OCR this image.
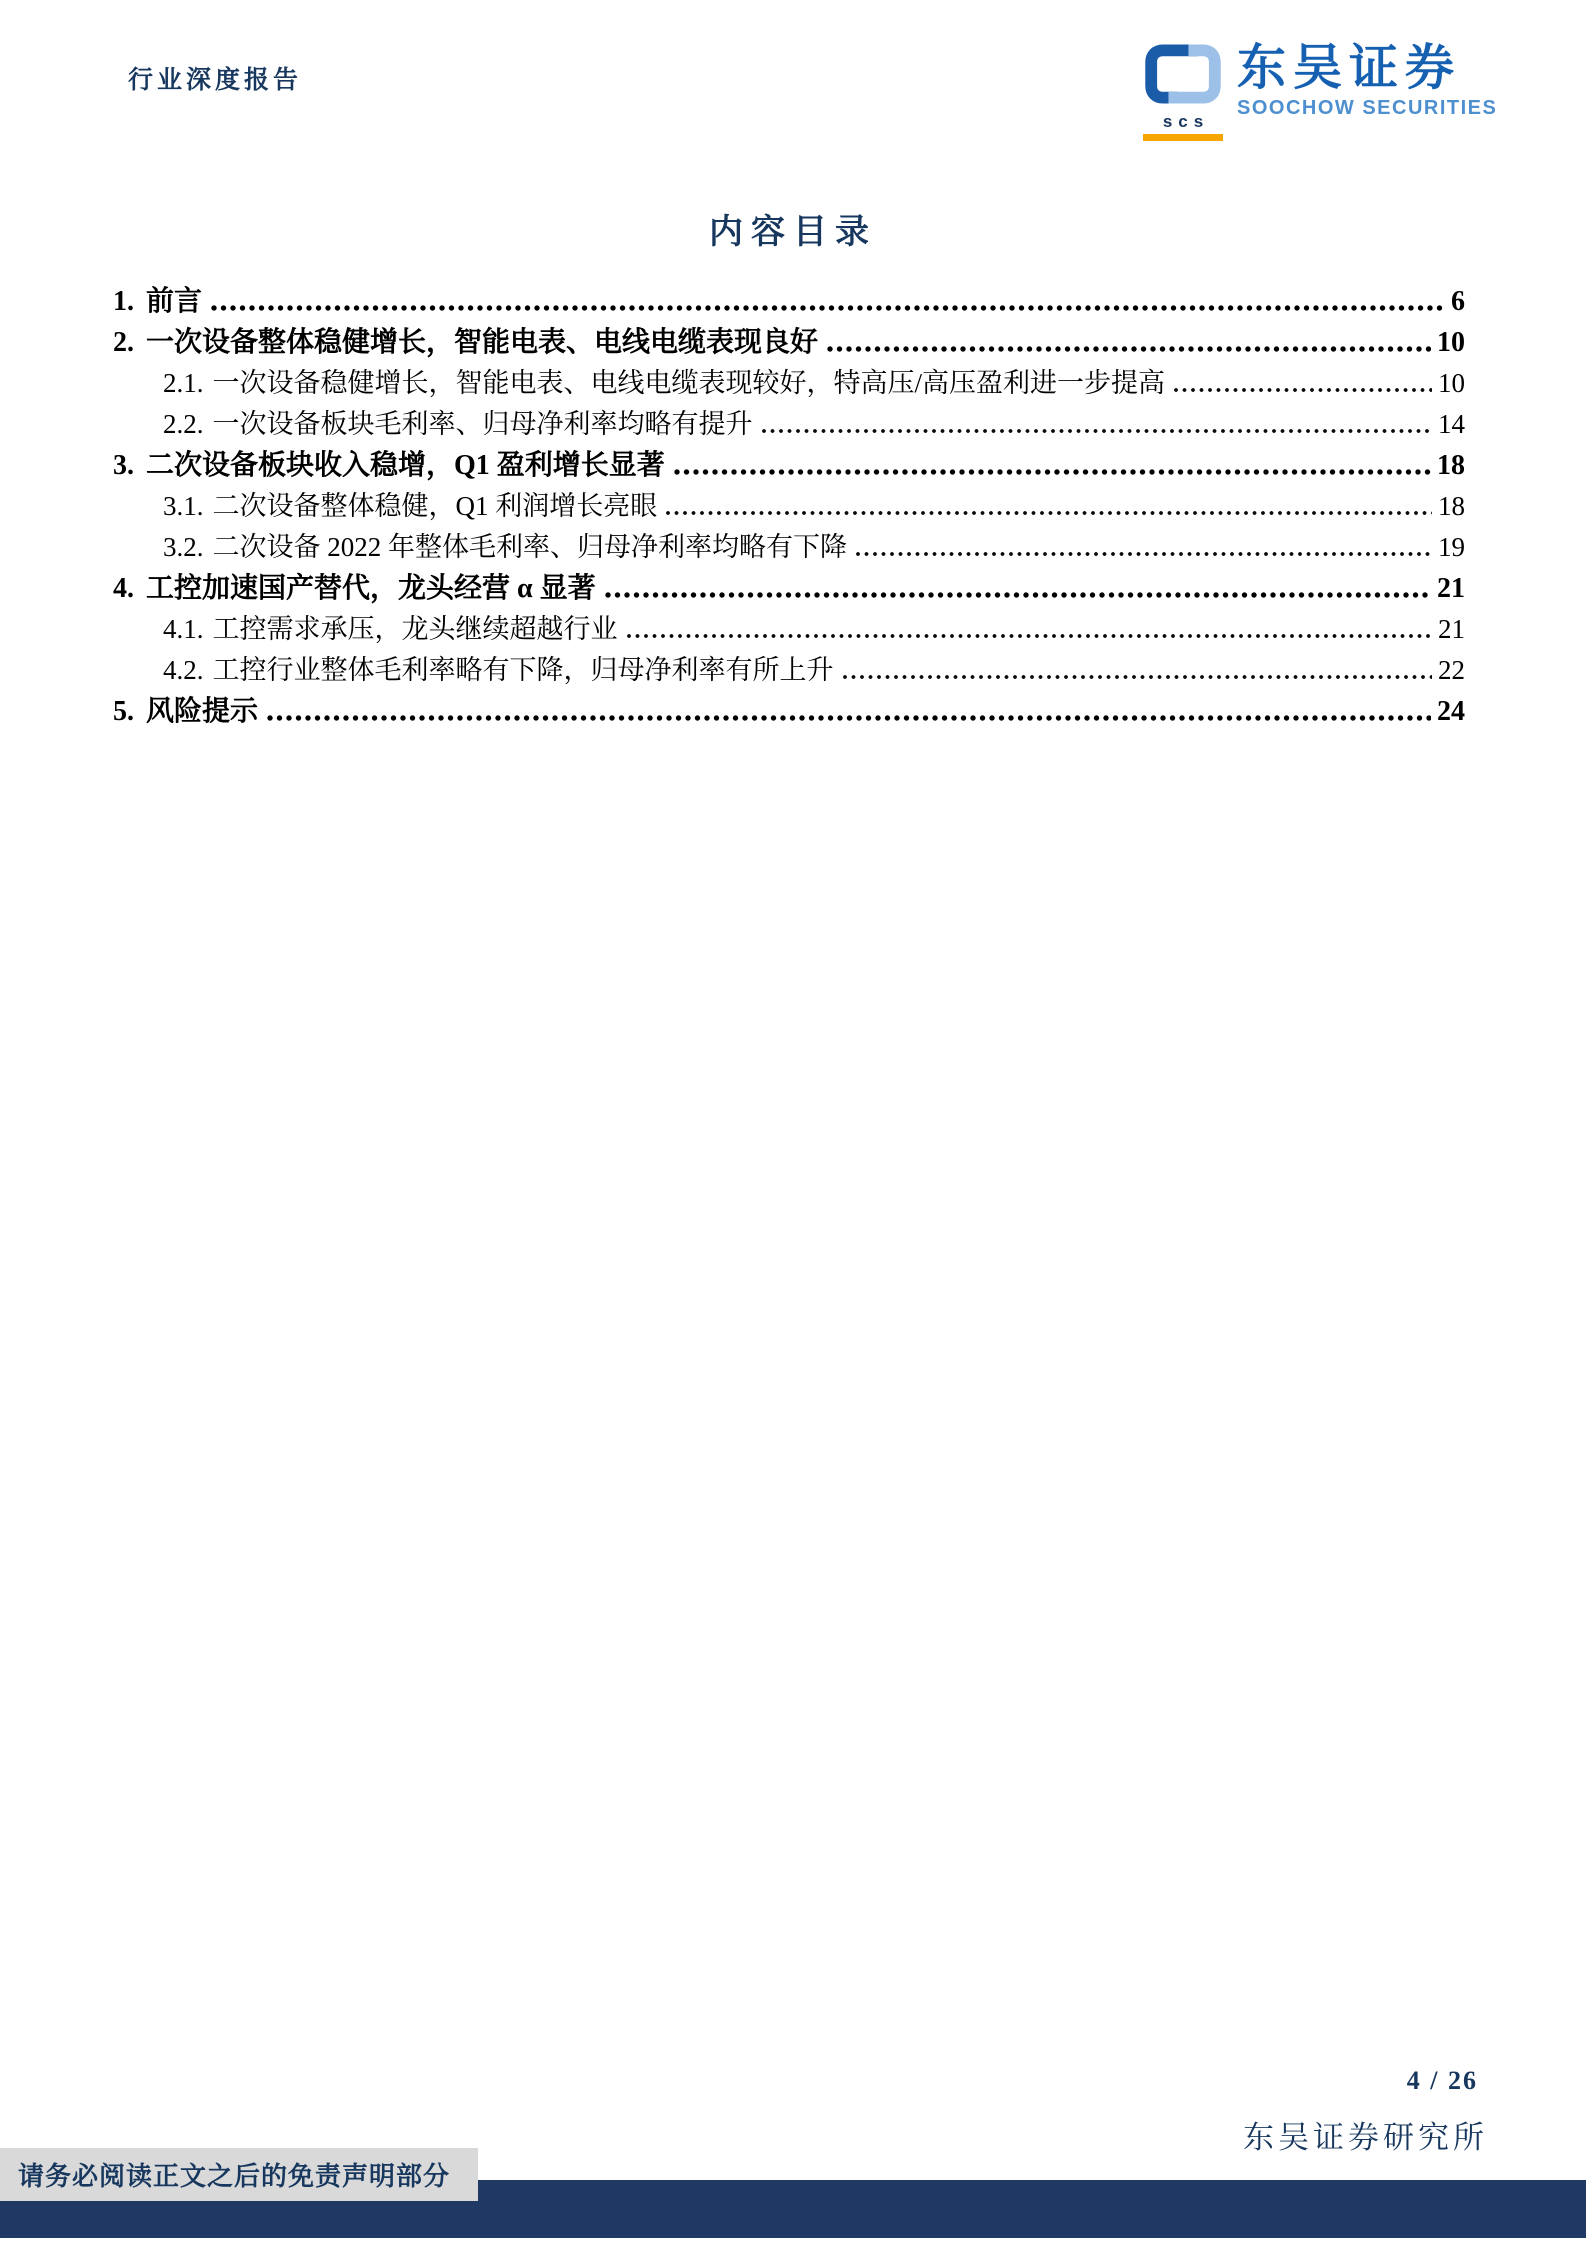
行业深度报告
scs
东吴证券
SOOCHOW SECURITIES
内容目录
1. 前言	6
2. 一次设备整体稳健增长，智能电表、电线电缆表现良好	10
2.1. 一次设备稳健增长，智能电表、电线电缆表现较好，特高压/高压盈利进一步提高	10
2.2. 一次设备板块毛利率、归母净利率均略有提升	14
3. 二次设备板块收入稳增，Q1 盈利增长显著	18
3.1. 二次设备整体稳健，Q1 利润增长亮眼	18
3.2. 二次设备 2022 年整体毛利率、归母净利率均略有下降	19
4. 工控加速国产替代，龙头经营 α 显著	21
4.1. 工控需求承压，龙头继续超越行业	21
4.2. 工控行业整体毛利率略有下降，归母净利率有所上升	22
5. 风险提示	24
4 / 26
东吴证券研究所
请务必阅读正文之后的免责声明部分
